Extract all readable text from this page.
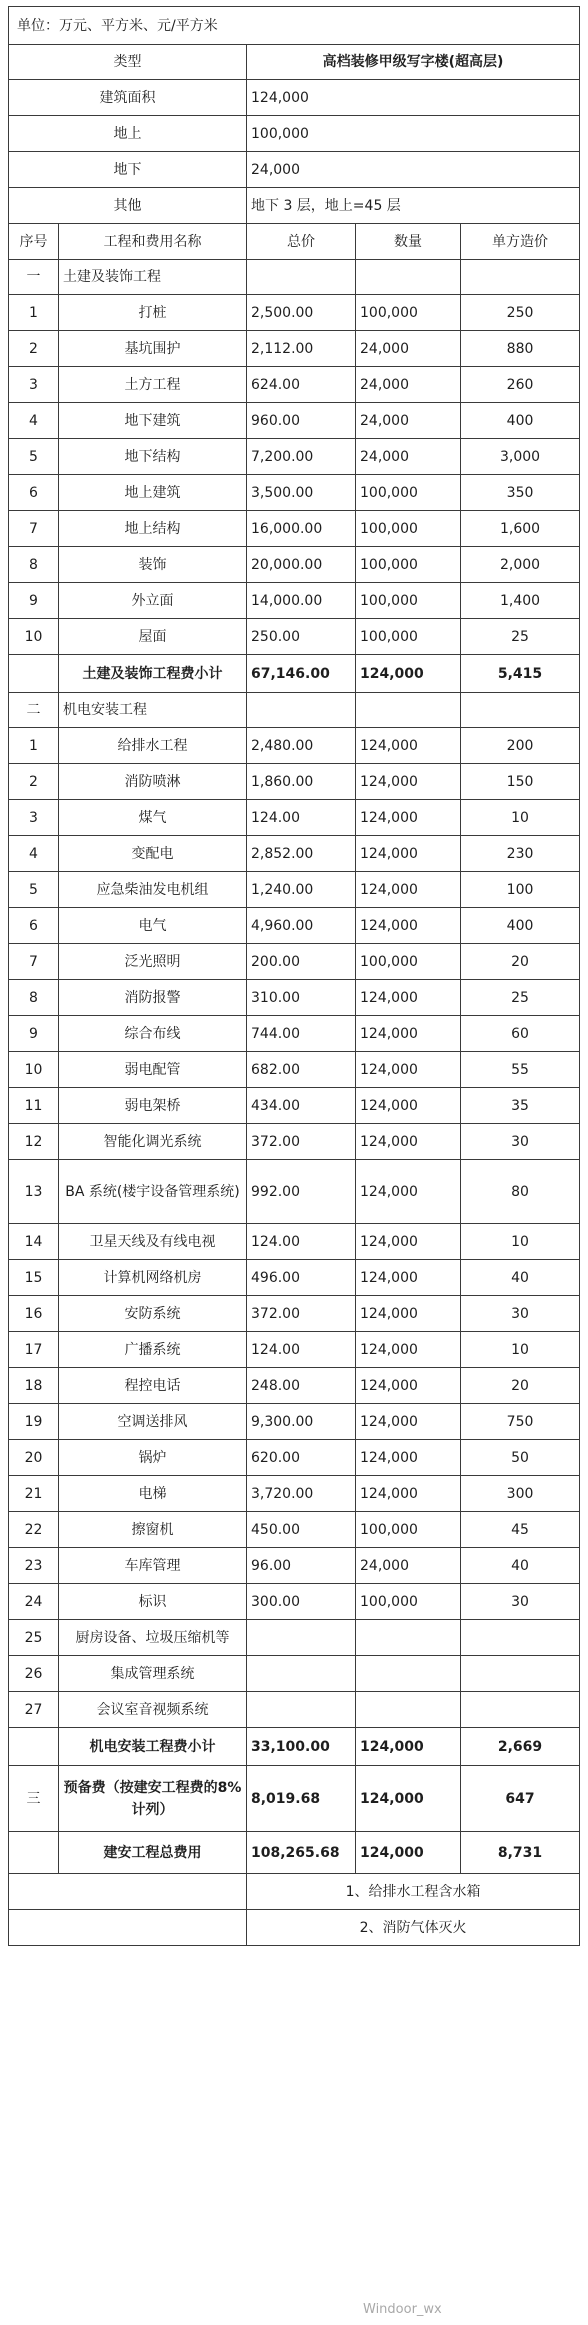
单位：万元、平方米、元/平方米				
类型		高档装修甲级写字楼(超高层)		
建筑面积		124,000		
地上		100,000		
地下		24,000		
其他		地下 3 层，地上=45 层		
序号	工程和费用名称	总价	数量	单方造价
一	土建及装饰工程			
1	打桩	2,500.00	100,000	250
2	基坑围护	2,112.00	24,000	880
3	土方工程	624.00	24,000	260
4	地下建筑	960.00	24,000	400
5	地下结构	7,200.00	24,000	3,000
6	地上建筑	3,500.00	100,000	350
7	地上结构	16,000.00	100,000	1,600
8	装饰	20,000.00	100,000	2,000
9	外立面	14,000.00	100,000	1,400
10	屋面	250.00	100,000	25
	土建及装饰工程费小计	67,146.00	124,000	5,415
二	机电安装工程			
1	给排水工程	2,480.00	124,000	200
2	消防喷淋	1,860.00	124,000	150
3	煤气	124.00	124,000	10
4	变配电	2,852.00	124,000	230
5	应急柴油发电机组	1,240.00	124,000	100
6	电气	4,960.00	124,000	400
7	泛光照明	200.00	100,000	20
8	消防报警	310.00	124,000	25
9	综合布线	744.00	124,000	60
10	弱电配管	682.00	124,000	55
11	弱电架桥	434.00	124,000	35
12	智能化调光系统	372.00	124,000	30
13	BA 系统(楼宇设备管理系统)	992.00	124,000	80
14	卫星天线及有线电视	124.00	124,000	10
15	计算机网络机房	496.00	124,000	40
16	安防系统	372.00	124,000	30
17	广播系统	124.00	124,000	10
18	程控电话	248.00	124,000	20
19	空调送排风	9,300.00	124,000	750
20	锅炉	620.00	124,000	50
21	电梯	3,720.00	124,000	300
22	擦窗机	450.00	100,000	45
23	车库管理	96.00	24,000	40
24	标识	300.00	100,000	30
25	厨房设备、垃圾压缩机等			
26	集成管理系统			
27	会议室音视频系统			
	机电安装工程费小计	33,100.00	124,000	2,669
三	预备费（按建安工程费的8%计列）	8,019.68	124,000	647
	建安工程总费用	108,265.68	124,000	8,731
		1、给排水工程含水箱		
		2、消防气体灭火		
Windoor_wx
